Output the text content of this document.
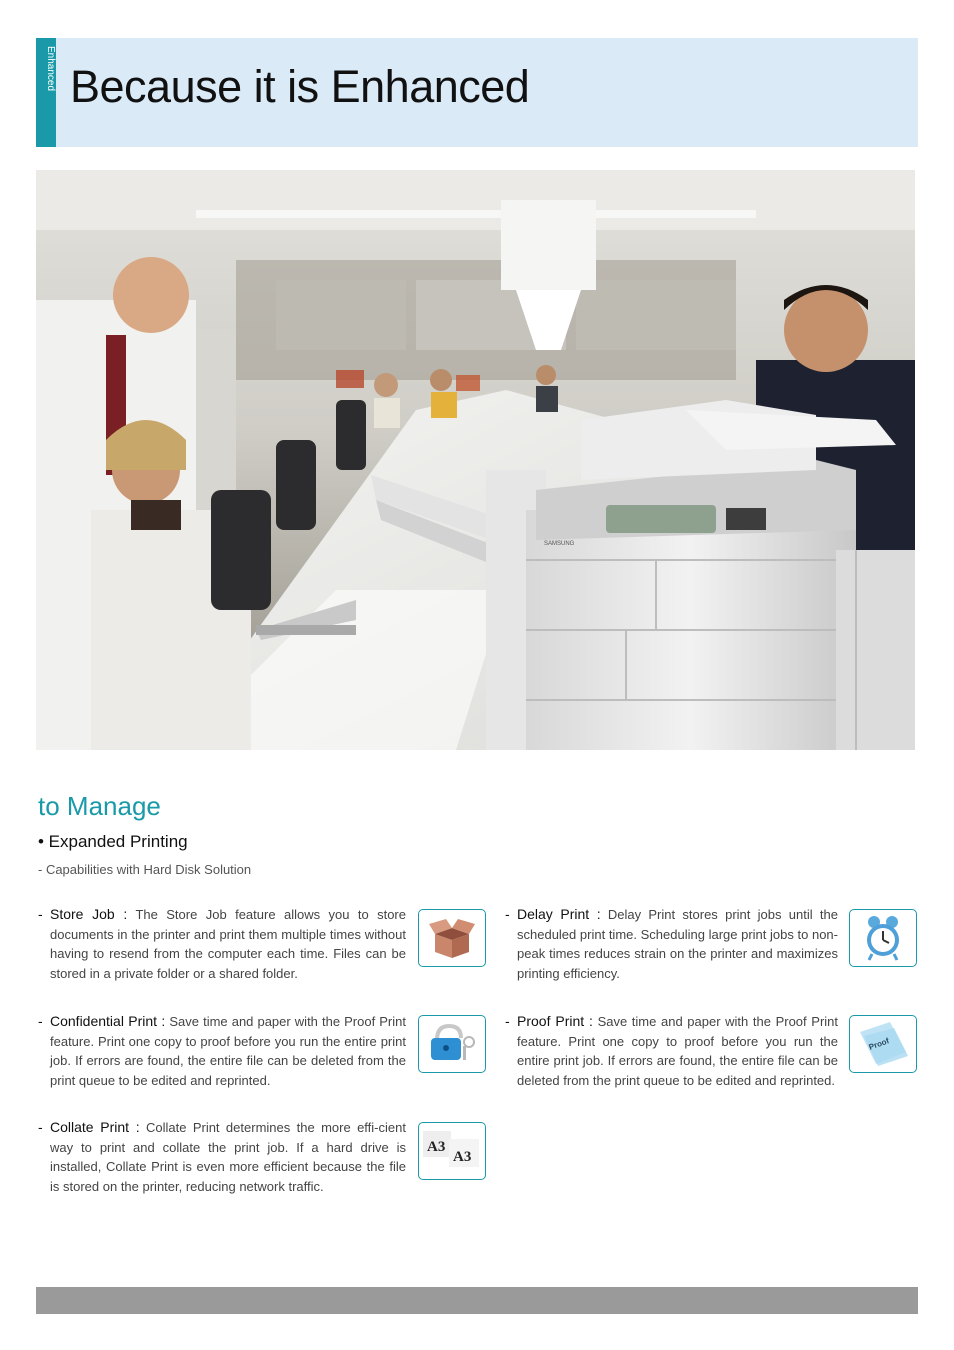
Enhanced Because it is Enhanced
SAMSUNG
to Manage
• Expanded Printing
- Capabilities with Hard Disk Solution
- Store Job : The Store Job feature allows you to store documents in the printer and print them multiple times without having to resend from the computer each time. Files can be stored in a private folder or a shared folder.
- Confidential Print : Save time and paper with the Proof Print feature. Print one copy to proof before you run the entire print job. If errors are found, the entire file can be deleted from the print queue to be edited and reprinted.
- Collate Print : Collate Print determines the more effi-cient way to print and collate the print job. If a hard drive is installed, Collate Print is even more efficient because the file is stored on the printer, reducing network traffic.
A3
A3
- Delay Print : Delay Print stores print jobs until the scheduled print time. Scheduling large print jobs to non-peak times reduces strain on the printer and maximizes printing efficiency.
- Proof Print : Save time and paper with the Proof Print feature. Print one copy to proof before you run the entire print job. If errors are found, the entire file can be deleted from the print queue to be edited and reprinted.
Proof
